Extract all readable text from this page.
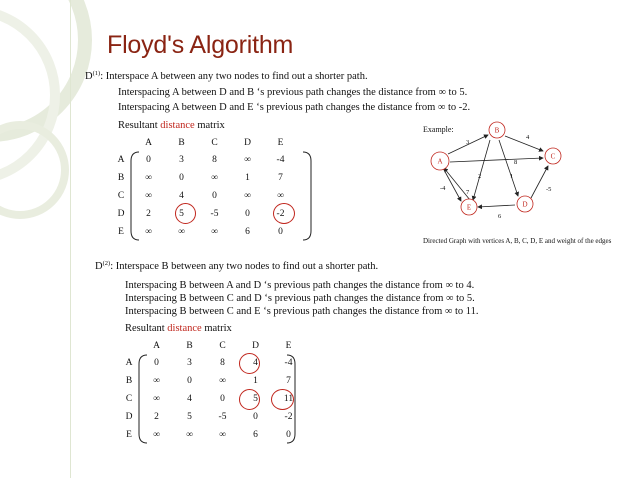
Floyd's Algorithm
$D^{(1)}$: Interspace A between any two nodes to find out a shorter path.
Interspacing A between D and B ‘s previous path changes the distance from ∞ to 5.
Interspacing A between D and E ‘s previous path changes the distance from ∞ to -2.
Resultant distance matrix
	A	B	C	D	E
A	0	3	8	∞	-4
B	∞	0	∞	1	7
C	∞	4	0	∞	∞
D	2	5	-5	0	-2
E	∞	∞	∞	6	0
Example:
3
4
8
-4
7
2	1
-5
6
A
B
C
D
E
Directed Graph with vertices A, B, C, D, E and weight of the edges
$D^{(2)}$: Interspace B between any two nodes to find out a shorter path.
Interspacing B between A and D ‘s previous path changes the distance from ∞ to 4.
Interspacing B between C and D ‘s previous path changes the distance from ∞ to 5.
Interspacing B between C and E ‘s previous path changes the distance from ∞ to 11.
Resultant distance matrix
	A	B	C	D	E
A	0	3	8	4	-4
B	∞	0	∞	1	7
C	∞	4	0	5	11
D	2	5	-5	0	-2
E	∞	∞	∞	6	0
